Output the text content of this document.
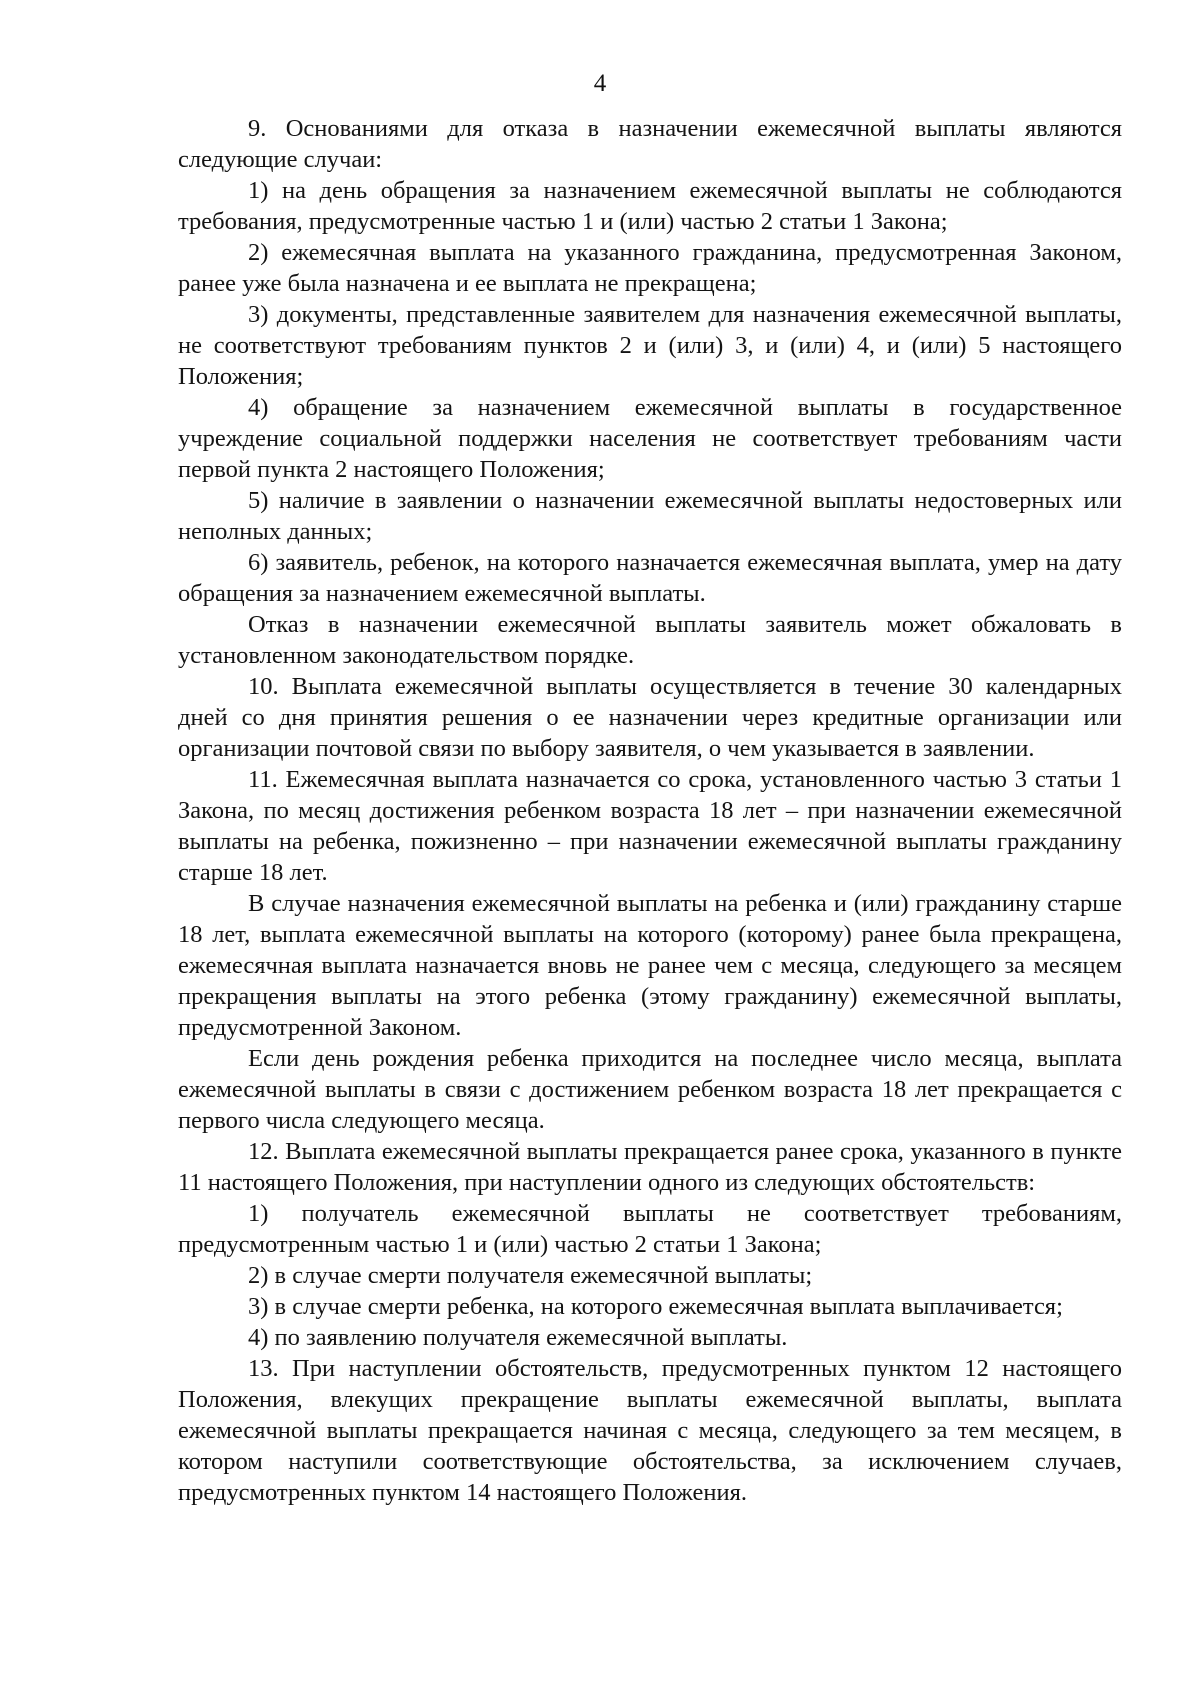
4

9. Основаниями для отказа в назначении ежемесячной выплаты являются следующие случаи:

1) на день обращения за назначением ежемесячной выплаты не соблюдаются требования, предусмотренные частью 1 и (или) частью 2 статьи 1 Закона;

2) ежемесячная выплата на указанного гражданина, предусмотренная Законом, ранее уже была назначена и ее выплата не прекращена;

3) документы, представленные заявителем для назначения ежемесячной выплаты, не соответствуют требованиям пунктов 2 и (или) 3, и (или) 4, и (или) 5 настоящего Положения;

4) обращение за назначением ежемесячной выплаты в государственное учреждение социальной поддержки населения не соответствует требованиям части первой пункта 2 настоящего Положения;

5) наличие в заявлении о назначении ежемесячной выплаты недостоверных или неполных данных;

6) заявитель, ребенок, на которого назначается ежемесячная выплата, умер на дату обращения за назначением ежемесячной выплаты.

Отказ в назначении ежемесячной выплаты заявитель может обжаловать в установленном законодательством порядке.

10. Выплата ежемесячной выплаты осуществляется в течение 30 календарных дней со дня принятия решения о ее назначении через кредитные организации или организации почтовой связи по выбору заявителя, о чем указывается в заявлении.

11. Ежемесячная выплата назначается со срока, установленного частью 3 статьи 1 Закона, по месяц достижения ребенком возраста 18 лет – при назначении ежемесячной выплаты на ребенка, пожизненно – при назначении ежемесячной выплаты гражданину старше 18 лет.

В случае назначения ежемесячной выплаты на ребенка и (или) гражданину старше 18 лет, выплата ежемесячной выплаты на которого (которому) ранее была прекращена, ежемесячная выплата назначается вновь не ранее чем с месяца, следующего за месяцем прекращения выплаты на этого ребенка (этому гражданину) ежемесячной выплаты, предусмотренной Законом.

Если день рождения ребенка приходится на последнее число месяца, выплата ежемесячной выплаты в связи с достижением ребенком возраста 18 лет прекращается с первого числа следующего месяца.

12. Выплата ежемесячной выплаты прекращается ранее срока, указанного в пункте 11 настоящего Положения, при наступлении одного из следующих обстоятельств:

1) получатель ежемесячной выплаты не соответствует требованиям, предусмотренным частью 1 и (или) частью 2 статьи 1 Закона;

2) в случае смерти получателя ежемесячной выплаты;

3) в случае смерти ребенка, на которого ежемесячная выплата выплачивается;

4) по заявлению получателя ежемесячной выплаты.

13. При наступлении обстоятельств, предусмотренных пунктом 12 настоящего Положения, влекущих прекращение выплаты ежемесячной выплаты, выплата ежемесячной выплаты прекращается начиная с месяца, следующего за тем месяцем, в котором наступили соответствующие обстоятельства, за исключением случаев, предусмотренных пунктом 14 настоящего Положения.
